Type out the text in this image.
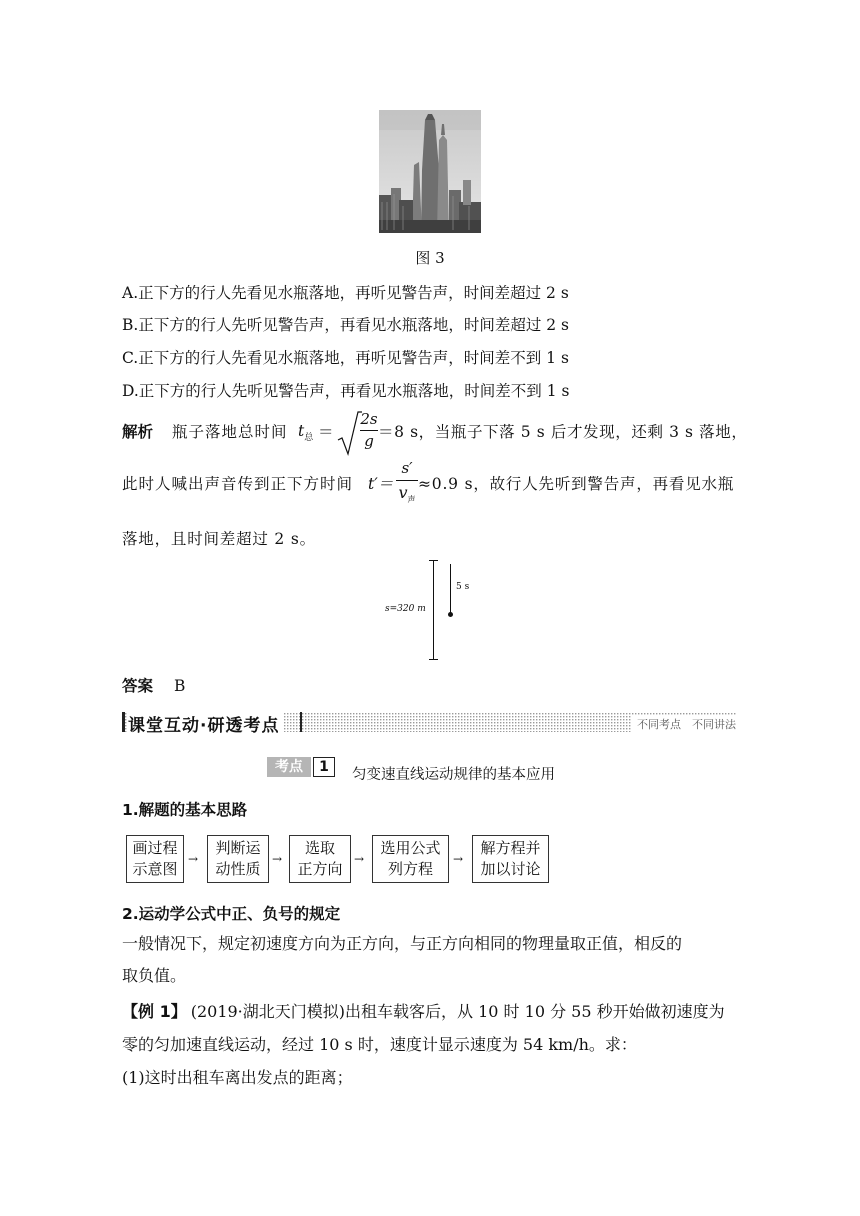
图 3
A.正下方的行人先看见水瓶落地，再听见警告声，时间差超过 2 s
B.正下方的行人先听见警告声，再看见水瓶落地，时间差超过 2 s
C.正下方的行人先看见水瓶落地，再听见警告声，时间差不到 1 s
D.正下方的行人先听见警告声，再看见水瓶落地，时间差不到 1 s
解析 瓶子落地总时间 $t_总$ ＝
2s
g ＝8 s，当瓶子下落 5 s 后才发现，还剩 3 s 落地，
此时人喊出声音传到正下方时间 t′＝
s′
$v_声$
≈0.9 s，故行人先听到警告声，再看见水瓶
落地，且时间差超过 2 s。
s=320 m
5 s
答案 B
课堂互动·研透考点	不同考点　不同讲法
考点	1	匀变速直线运动规律的基本应用
1.解题的基本思路
画过程
示意图
→
判断运
动性质
→
选取
正方向
→
选用公式
列方程
→
解方程并
加以讨论
2.运动学公式中正、负号的规定
一般情况下，规定初速度方向为正方向，与正方向相同的物理量取正值，相反的
取负值。
【例 1】 (2019·湖北天门模拟)出租车载客后，从 10 时 10 分 55 秒开始做初速度为
零的匀加速直线运动，经过 10 s 时，速度计显示速度为 54 km/h。求：
(1)这时出租车离出发点的距离；
